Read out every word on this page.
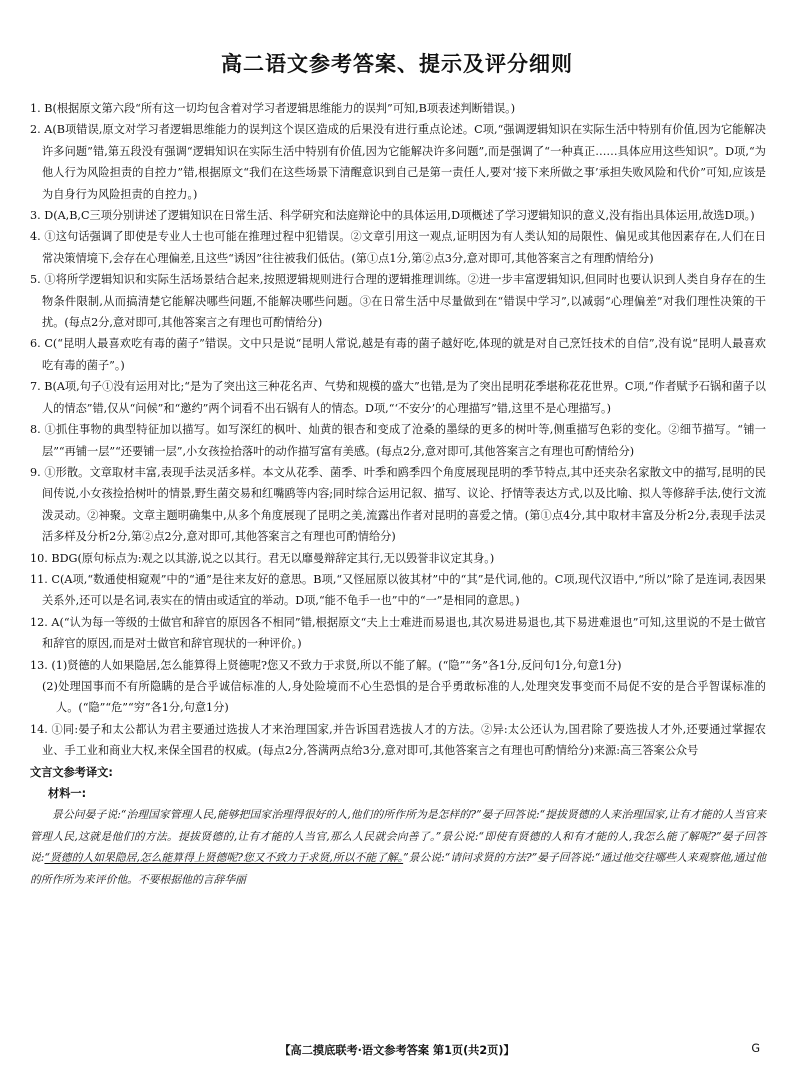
高二语文参考答案、提示及评分细则

1. B(根据原文第六段“所有这一切均包含着对学习者逻辑思维能力的误判”可知,B项表述判断错误。)

2. A(B项错误,原文对学习者逻辑思维能力的误判这个误区造成的后果没有进行重点论述。C项,“强调逻辑知识在实际生活中特别有价值,因为它能解决许多问题”错,第五段没有强调“逻辑知识在实际生活中特别有价值,因为它能解决许多问题”,而是强调了“一种真正……具体应用这些知识”。D项,“为他人行为风险担责的自控力”错,根据原文“我们在这些场景下清醒意识到自己是第一责任人,要对‘接下来所做之事’承担失败风险和代价”可知,应该是为自身行为风险担责的自控力。)

3. D(A,B,C三项分别讲述了逻辑知识在日常生活、科学研究和法庭辩论中的具体运用,D项概述了学习逻辑知识的意义,没有指出具体运用,故选D项。)

4. ①这句话强调了即使是专业人士也可能在推理过程中犯错误。②文章引用这一观点,证明因为有人类认知的局限性、偏见或其他因素存在,人们在日常决策情境下,会存在心理偏差,且这些“诱因”往往被我们低估。(第①点1分,第②点3分,意对即可,其他答案言之有理酌情给分)

5. ①将所学逻辑知识和实际生活场景结合起来,按照逻辑规则进行合理的逻辑推理训练。②进一步丰富逻辑知识,但同时也要认识到人类自身存在的生物条件限制,从而搞清楚它能解决哪些问题,不能解决哪些问题。③在日常生活中尽量做到在“错误中学习”,以减弱“心理偏差”对我们理性决策的干扰。(每点2分,意对即可,其他答案言之有理也可酌情给分)

6. C(“昆明人最喜欢吃有毒的菌子”错误。文中只是说“昆明人常说,越是有毒的菌子越好吃,体现的就是对自己烹饪技术的自信”,没有说“昆明人最喜欢吃有毒的菌子”。)

7. B(A项,句子①没有运用对比;“是为了突出这三种花名声、气势和规模的盛大”也错,是为了突出昆明花季堪称花花世界。C项,“作者赋予石锅和菌子以人的情态”错,仅从“问候”和“邀约”两个词看不出石锅有人的情态。D项,“‘不安分’的心理描写”错,这里不是心理描写。)

8. ①抓住事物的典型特征加以描写。如写深红的枫叶、灿黄的银杏和变成了沧桑的墨绿的更多的树叶等,侧重描写色彩的变化。②细节描写。“铺一层”“再铺一层”“还要铺一层”,小女孩捡拾落叶的动作描写富有美感。(每点2分,意对即可,其他答案言之有理也可酌情给分)

9. ①形散。文章取材丰富,表现手法灵活多样。本文从花季、菌季、叶季和鸥季四个角度展现昆明的季节特点,其中还夹杂名家散文中的描写,昆明的民间传说,小女孩捡拾树叶的情景,野生菌交易和红嘴鸥等内容;同时综合运用记叙、描写、议论、抒情等表达方式,以及比喻、拟人等修辞手法,使行文流泼灵动。②神聚。文章主题明确集中,从多个角度展现了昆明之美,流露出作者对昆明的喜爱之情。(第①点4分,其中取材丰富及分析2分,表现手法灵活多样及分析2分,第②点2分,意对即可,其他答案言之有理也可酌情给分)

10. BDG(原句标点为:观之以其游,说之以其行。君无以靡曼辩辞定其行,无以毁誉非议定其身。)

11. C(A项,“数通使相窥观”中的“通”是往来友好的意思。B项,“又怪屈原以彼其材”中的“其”是代词,他的。C项,现代汉语中,“所以”除了是连词,表因果关系外,还可以是名词,表实在的情由或适宜的举动。D项,“能不龟手一也”中的“一”是相同的意思。)

12. A(“认为每一等级的士做官和辞官的原因各不相同”错,根据原文“夫上士难进而易退也,其次易进易退也,其下易进难退也”可知,这里说的不是士做官和辞官的原因,而是对士做官和辞官现状的一种评价。)

13. (1)贤德的人如果隐居,怎么能算得上贤德呢?您又不致力于求贤,所以不能了解。(“隐”“务”各1分,反问句1分,句意1分)

(2)处理国事而不有所隐瞒的是合乎诚信标准的人,身处险境而不心生恐惧的是合乎勇敢标准的人,处理突发事变而不局促不安的是合乎智谋标准的人。(“隐”“危”“穷”各1分,句意1分)

14. ①同:晏子和太公都认为君主要通过选拔人才来治理国家,并告诉国君选拔人才的方法。②异:太公还认为,国君除了要选拔人才外,还要通过掌握农业、手工业和商业大权,来保全国君的权威。(每点2分,答满两点给3分,意对即可,其他答案言之有理也可酌情给分)来源:高三答案公众号

文言文参考译文:

材料一:

景公问晏子说:“治理国家管理人民,能够把国家治理得很好的人,他们的所作所为是怎样的?”晏子回答说:“提拔贤德的人来治理国家,让有才能的人当官来管理人民,这就是他们的方法。提拔贤德的,让有才能的人当官,那么人民就会向善了。”景公说:“即使有贤德的人和有才能的人,我怎么能了解呢?”晏子回答说:“贤德的人如果隐居,怎么能算得上贤德呢?您又不致力于求贤,所以不能了解。”景公说:“请问求贤的方法?”晏子回答说:“通过他交往哪些人来观察他,通过他的所作所为来评价他。不要根据他的言辞华丽

【高二摸底联考·语文参考答案 第1页(共2页)】	G
